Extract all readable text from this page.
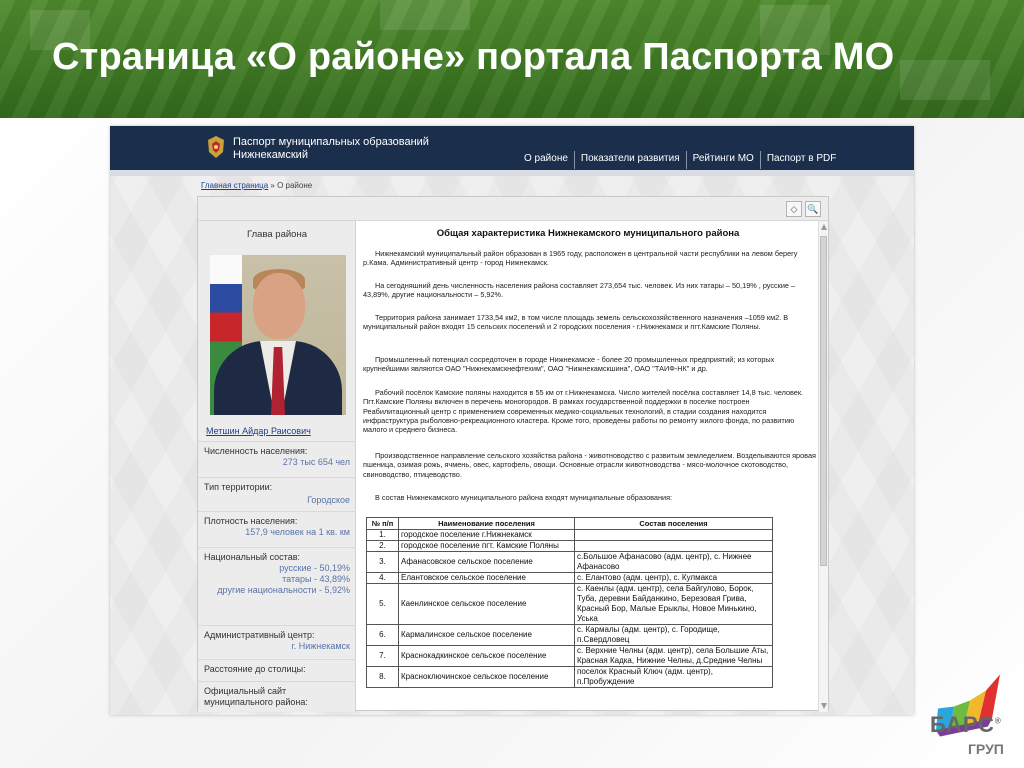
Страница «О районе» портала Паспорта МО
Паспорт муниципальных образований
Нижнекамский	О районе	Показатели развития	Рейтинги МО	Паспорт в PDF
Главная страница » О районе
◇	🔍
Глава района
Метшин Айдар Раисович
Численность населения:
273 тыс 654 чел
Тип территории:
Городское
Плотность населения:
157,9 человек на 1 кв. км
Национальный состав:
русские - 50,19%
татары - 43,89%
другие национальности - 5,92%
Административный центр:
г. Нижнекамск
Расстояние до столицы:
Официальный сайт муниципального района:
Общая характеристика Нижнекамского муниципального района
Нижнекамский муниципальный район образован в 1965 году, расположен в центральной части республики на левом берегу р.Кама. Административный центр - город Нижнекамск.
На сегодняшний день численность населения района составляет 273,654 тыс. человек. Из них татары – 50,19% , русские – 43,89%, другие национальности – 5,92%.
Территория района занимает 1733,54 км2, в том числе площадь земель сельскохозяйственного назначения –1059 км2. В муниципальный район входят 15 сельских поселений и 2 городских поселения - г.Нижнекамск и пгт.Камские Поляны.
Промышленный потенциал сосредоточен в городе Нижнекамске - более 20 промышленных предприятий; из которых крупнейшими являются ОАО "Нижнекамскнефтехим", ОАО "Нижнекамскшина", ОАО "ТАИФ-НК" и др.
Рабочий посёлок Камские поляны находится в 55 км от г.Нижнекамска. Число жителей посёлка составляет 14,8 тыс. человек. Пгт.Камские Поляны включен в перечень моногородов. В рамках государственной поддержки в поселке построен Реабилитационный центр с применением современных медико-социальных технологий, в стадии создания находится инфраструктура рыболовно-рекреационного кластера. Кроме того, проведены работы по ремонту жилого фонда, по развитию малого и среднего бизнеса.
Производственное направление сельского хозяйства района - животноводство с развитым земледелием. Возделываются яровая пшеница, озимая рожь, ячмень, овес, картофель, овощи. Основные отрасли животноводства - мясо-молочное скотоводство, свиноводство, птицеводство.
В состав Нижнекамского муниципального района входят муниципальные образования:
№ п/п	Наименование поселения	Состав поселения
1.	городское поселение г.Нижнекамск	
2.	городское поселение пгт. Камские Поляны	
3.	Афанасовское сельское поселение	с.Большое Афанасово (адм. центр), с. Нижнее Афанасово
4.	Елантовское сельское поселение	с. Елантово (адм. центр), с. Кулмакса
5.	Каенлинское сельское поселение	с. Каенлы (адм. центр), села Байгулово, Борок, Туба, деревни Байданкино, Березовая Грива, Красный Бор, Малые Ерыклы, Новое Минькино, Уська
6.	Кармалинское сельское поселение	с. Кармалы (адм. центр), с. Городище, п.Свердловец
7.	Краснокадкинское сельское поселение	с. Верхние Челны (адм. центр), села Большие Аты, Красная Кадка, Нижние Челны, д.Средние Челны
8.	Красноключинское сельское поселение	поселок Красный Ключ (адм. центр), п.Пробуждение
БАРС®
ГРУП
